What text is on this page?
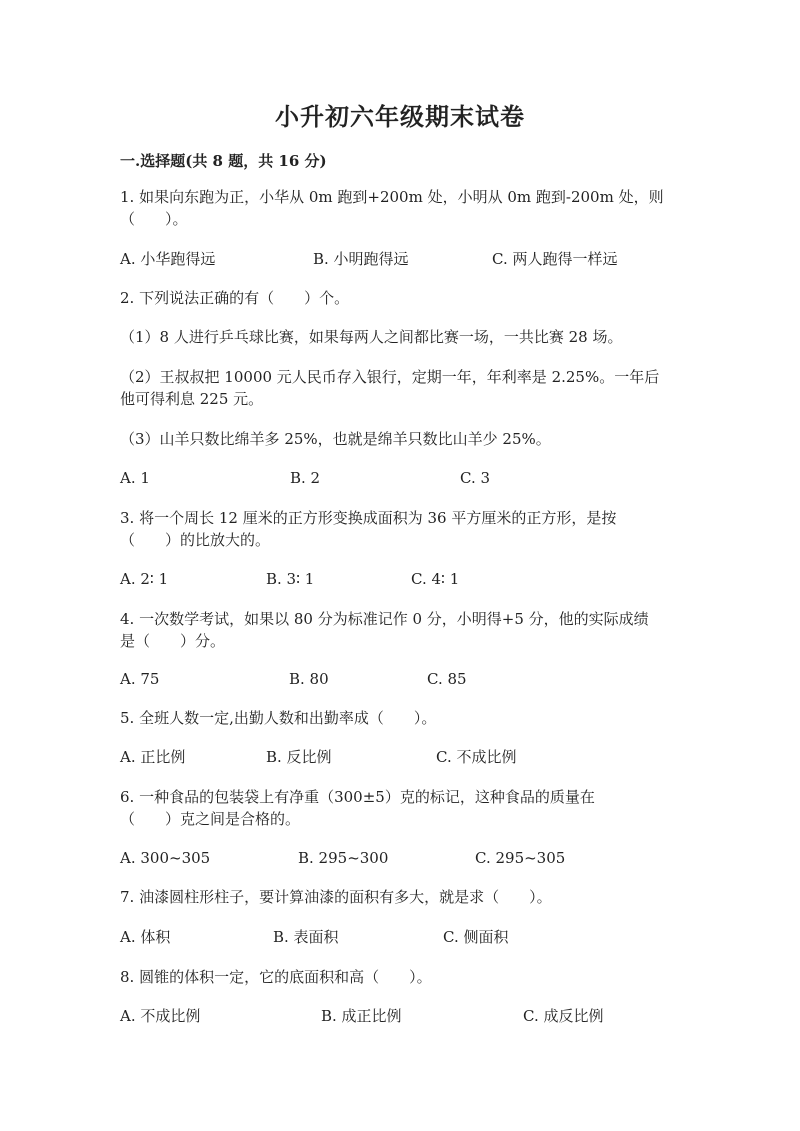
小升初六年级期末试卷
一.选择题(共 8 题，共 16 分)
1. 如果向东跑为正，小华从 0m 跑到+200m 处，小明从 0m 跑到-200m 处，则
（　　）。
A. 小华跑得远	B. 小明跑得远	C. 两人跑得一样远
2. 下列说法正确的有（　　）个。
（1）8 人进行乒乓球比赛，如果每两人之间都比赛一场，一共比赛 28 场。
（2）王叔叔把 10000 元人民币存入银行，定期一年，年利率是 2.25%。一年后
他可得利息 225 元。
（3）山羊只数比绵羊多 25%，也就是绵羊只数比山羊少 25%。
A. 1	B. 2	C. 3
3. 将一个周长 12 厘米的正方形变换成面积为 36 平方厘米的正方形，是按
（　　）的比放大的。
A. 2∶ 1	B. 3∶ 1	C. 4∶ 1
4. 一次数学考试，如果以 80 分为标准记作 0 分，小明得+5 分，他的实际成绩
是（　　）分。
A. 75	B. 80	C. 85
5. 全班人数一定,出勤人数和出勤率成（　　）。
A. 正比例	B. 反比例	C. 不成比例
6. 一种食品的包装袋上有净重（300±5）克的标记，这种食品的质量在
（　　）克之间是合格的。
A. 300~305	B. 295~300	C. 295~305
7. 油漆圆柱形柱子，要计算油漆的面积有多大，就是求（　　）。
A. 体积	B. 表面积	C. 侧面积
8. 圆锥的体积一定，它的底面积和高（　　）。
A. 不成比例	B. 成正比例	C. 成反比例
